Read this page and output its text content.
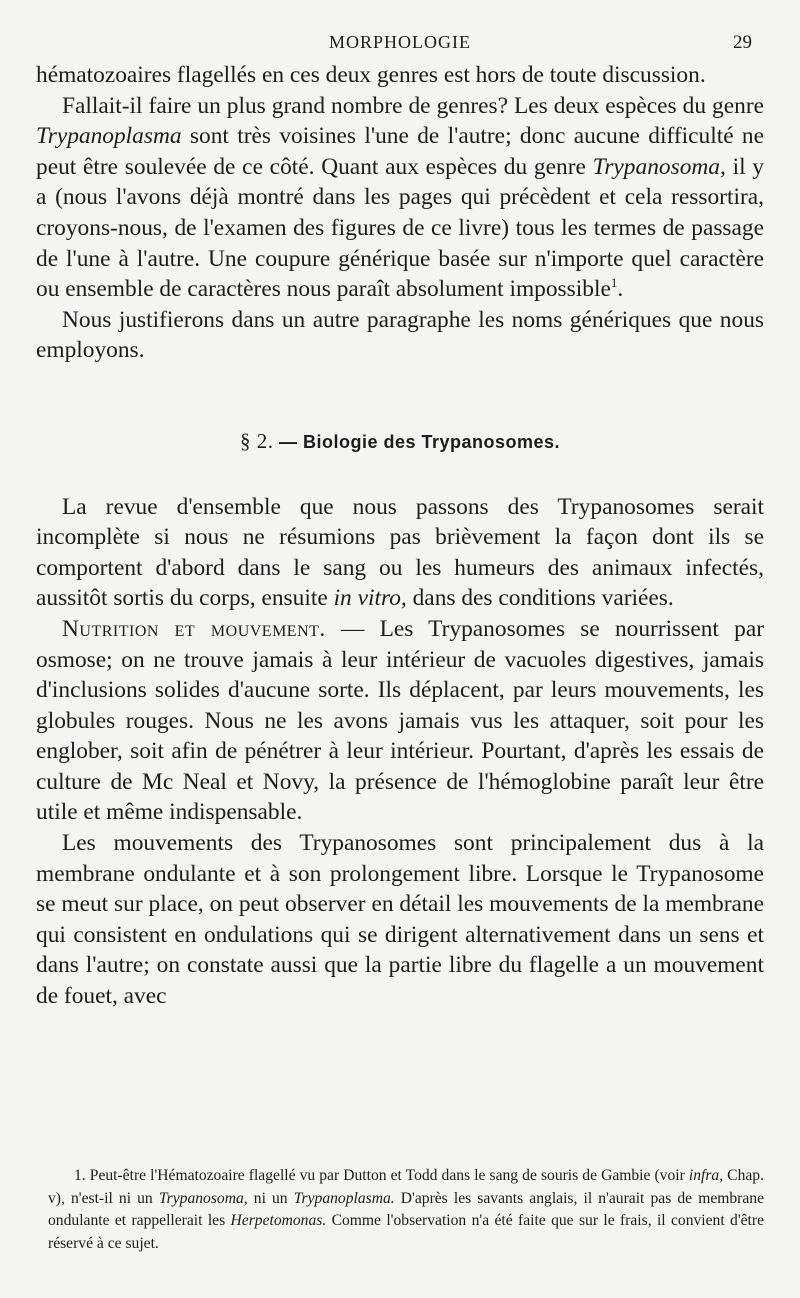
MORPHOLOGIE	29

hématozoaires flagellés en ces deux genres est hors de toute discussion.

Fallait-il faire un plus grand nombre de genres? Les deux espèces du genre Trypanoplasma sont très voisines l'une de l'autre; donc aucune difficulté ne peut être soulevée de ce côté. Quant aux espèces du genre Trypanosoma, il y a (nous l'avons déjà montré dans les pages qui précèdent et cela ressortira, croyons-nous, de l'examen des figures de ce livre) tous les termes de passage de l'une à l'autre. Une coupure générique basée sur n'importe quel caractère ou ensemble de caractères nous paraît absolument impossible$^1$.

Nous justifierons dans un autre paragraphe les noms génériques que nous employons.

§ 2. — Biologie des Trypanosomes.

La revue d'ensemble que nous passons des Trypanosomes serait incomplète si nous ne résumions pas brièvement la façon dont ils se comportent d'abord dans le sang ou les humeurs des animaux infectés, aussitôt sortis du corps, ensuite in vitro, dans des conditions variées.

Nutrition et mouvement. — Les Trypanosomes se nourrissent par osmose; on ne trouve jamais à leur intérieur de vacuoles digestives, jamais d'inclusions solides d'aucune sorte. Ils déplacent, par leurs mouvements, les globules rouges. Nous ne les avons jamais vus les attaquer, soit pour les englober, soit afin de pénétrer à leur intérieur. Pourtant, d'après les essais de culture de Mc Neal et Novy, la présence de l'hémoglobine paraît leur être utile et même indispensable.

Les mouvements des Trypanosomes sont principalement dus à la membrane ondulante et à son prolongement libre. Lorsque le Trypanosome se meut sur place, on peut observer en détail les mouvements de la membrane qui consistent en ondulations qui se dirigent alternativement dans un sens et dans l'autre; on constate aussi que la partie libre du flagelle a un mouvement de fouet, avec

1. Peut-être l'Hématozoaire flagellé vu par Dutton et Todd dans le sang de souris de Gambie (voir infra, Chap. v), n'est-il ni un Trypanosoma, ni un Trypanoplasma. D'après les savants anglais, il n'aurait pas de membrane ondulante et rappellerait les Herpetomonas. Comme l'observation n'a été faite que sur le frais, il convient d'être réservé à ce sujet.
